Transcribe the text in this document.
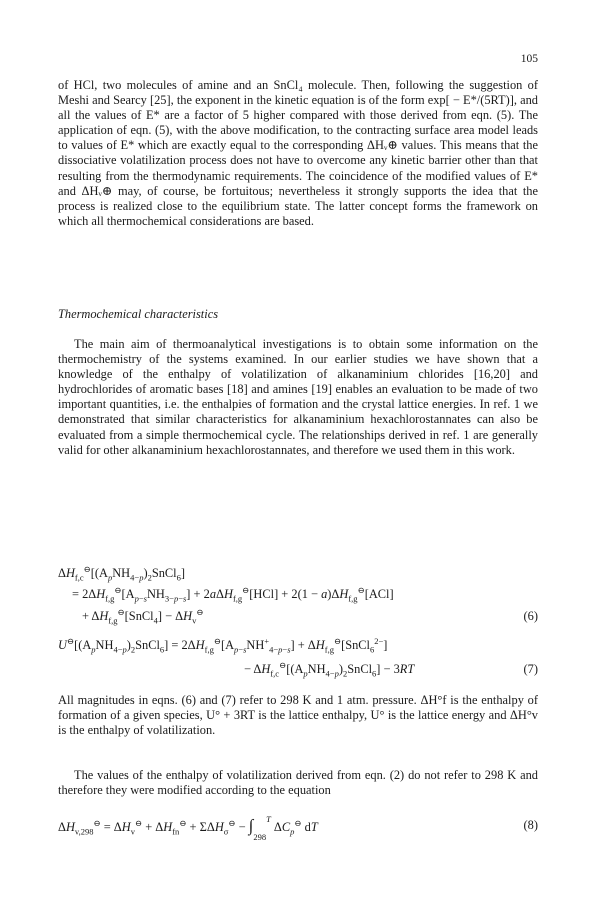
105

of HCl, two molecules of amine and an SnCl₄ molecule. Then, following the suggestion of Meshi and Searcy [25], the exponent in the kinetic equation is of the form exp[ − E*/(5RT)], and all the values of E* are a factor of 5 higher compared with those derived from eqn. (5). The application of eqn. (5), with the above modification, to the contracting surface area model leads to values of E* which are exactly equal to the corresponding ΔHᵥ⊕ values. This means that the dissociative volatilization process does not have to overcome any kinetic barrier other than that resulting from the thermodynamic requirements. The coincidence of the modified values of E* and ΔHᵥ⊕ may, of course, be fortuitous; nevertheless it strongly supports the idea that the process is realized close to the equilibrium state. The latter concept forms the framework on which all thermochemical considerations are based.

Thermochemical characteristics

The main aim of thermoanalytical investigations is to obtain some information on the thermochemistry of the systems examined. In our earlier studies we have shown that a knowledge of the enthalpy of volatilization of alkanaminium chlorides [16,20] and hydrochlorides of aromatic bases [18] and amines [19] enables an evaluation to be made of two important quantities, i.e. the enthalpies of formation and the crystal lattice energies. In ref. 1 we demonstrated that similar characteristics for alkanaminium hexachlorostannates can also be evaluated from a simple thermochemical cycle. The relationships derived in ref. 1 are generally valid for other alkanaminium hexachlorostannates, and therefore we used them in this work.

$\Delta H_{f,c}^⊖[(A_pNH_{4-p})_2SnCl_6]$
= $2\Delta H_{f,g}^⊖[A_{p-s}NH_{3-p-s}] + 2a\Delta H_{f,g}^⊖[HCl] + 2(1 - a)\Delta H_{f,g}^⊖[ACl]$
+ $\Delta H_{f,g}^⊖[SnCl_4] - \Delta H_v^⊖$	(6)
$U^⊖[(A_pNH_{4-p})_2SnCl_6] = 2\Delta H_{f,g}^⊖[A_{p-s}NH^+_{4-p-s}]$ + $\Delta H_{f,g}^⊖[SnCl_6^{2-}]$
− $\Delta H_{f,c}^⊖[(A_pNH_{4-p})_2SnCl_6] - 3RT$	(7)

All magnitudes in eqns. (6) and (7) refer to 298 K and 1 atm. pressure. ΔH°f is the enthalpy of formation of a given species, U° + 3RT is the lattice enthalpy, U° is the lattice energy and ΔH°v is the enthalpy of volatilization.

The values of the enthalpy of volatilization derived from eqn. (2) do not refer to 298 K and therefore they were modified according to the equation

$\Delta H_{v,298}^⊖ = \Delta H_v^⊖ + \Delta H_{fn}^⊖ + \Sigma\Delta H_\sigma^⊖ - \int_{298}^T$ $\Delta C_p^⊖$ dT	(8)
